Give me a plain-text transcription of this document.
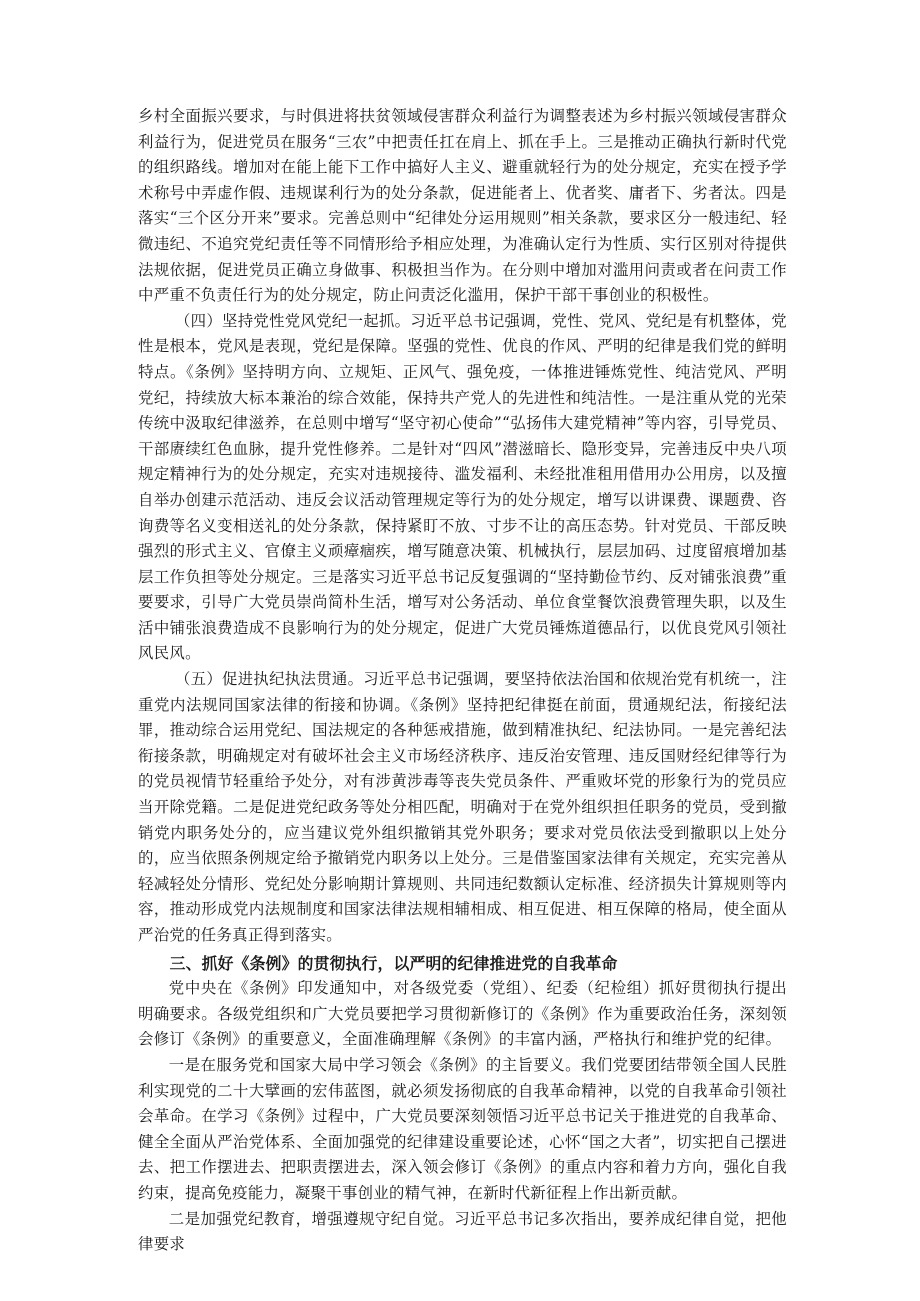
乡村全面振兴要求，与时俱进将扶贫领域侵害群众利益行为调整表述为乡村振兴领域侵害群众利益行为，促进党员在服务“三农”中把责任扛在肩上、抓在手上。三是推动正确执行新时代党的组织路线。增加对在能上能下工作中搞好人主义、避重就轻行为的处分规定，充实在授予学术称号中弄虚作假、违规谋利行为的处分条款，促进能者上、优者奖、庸者下、劣者汰。四是落实“三个区分开来”要求。完善总则中“纪律处分运用规则”相关条款，要求区分一般违纪、轻微违纪、不追究党纪责任等不同情形给予相应处理，为准确认定行为性质、实行区别对待提供法规依据，促进党员正确立身做事、积极担当作为。在分则中增加对滥用问责或者在问责工作中严重不负责任行为的处分规定，防止问责泛化滥用，保护干部干事创业的积极性。

（四）坚持党性党风党纪一起抓。习近平总书记强调，党性、党风、党纪是有机整体，党性是根本，党风是表现，党纪是保障。坚强的党性、优良的作风、严明的纪律是我们党的鲜明特点。《条例》坚持明方向、立规矩、正风气、强免疫，一体推进锤炼党性、纯洁党风、严明党纪，持续放大标本兼治的综合效能，保持共产党人的先进性和纯洁性。一是注重从党的光荣传统中汲取纪律滋养，在总则中增写“坚守初心使命”“弘扬伟大建党精神”等内容，引导党员、干部赓续红色血脉，提升党性修养。二是针对“四风”潜滋暗长、隐形变异，完善违反中央八项规定精神行为的处分规定，充实对违规接待、滥发福利、未经批准租用借用办公用房，以及擅自举办创建示范活动、违反会议活动管理规定等行为的处分规定，增写以讲课费、课题费、咨询费等名义变相送礼的处分条款，保持紧盯不放、寸步不让的高压态势。针对党员、干部反映强烈的形式主义、官僚主义顽瘴痼疾，增写随意决策、机械执行，层层加码、过度留痕增加基层工作负担等处分规定。三是落实习近平总书记反复强调的“坚持勤俭节约、反对铺张浪费”重要要求，引导广大党员崇尚简朴生活，增写对公务活动、单位食堂餐饮浪费管理失职，以及生活中铺张浪费造成不良影响行为的处分规定，促进广大党员锤炼道德品行，以优良党风引领社风民风。

（五）促进执纪执法贯通。习近平总书记强调，要坚持依法治国和依规治党有机统一，注重党内法规同国家法律的衔接和协调。《条例》坚持把纪律挺在前面，贯通规纪法，衔接纪法罪，推动综合运用党纪、国法规定的各种惩戒措施，做到精准执纪、纪法协同。一是完善纪法衔接条款，明确规定对有破坏社会主义市场经济秩序、违反治安管理、违反国财经纪律等行为的党员视情节轻重给予处分，对有涉黄涉毒等丧失党员条件、严重败坏党的形象行为的党员应当开除党籍。二是促进党纪政务等处分相匹配，明确对于在党外组织担任职务的党员，受到撤销党内职务处分的，应当建议党外组织撤销其党外职务；要求对党员依法受到撤职以上处分的，应当依照条例规定给予撤销党内职务以上处分。三是借鉴国家法律有关规定，充实完善从轻减轻处分情形、党纪处分影响期计算规则、共同违纪数额认定标准、经济损失计算规则等内容，推动形成党内法规制度和国家法律法规相辅相成、相互促进、相互保障的格局，使全面从严治党的任务真正得到落实。

三、抓好《条例》的贯彻执行，以严明的纪律推进党的自我革命

党中央在《条例》印发通知中，对各级党委（党组）、纪委（纪检组）抓好贯彻执行提出明确要求。各级党组织和广大党员要把学习贯彻新修订的《条例》作为重要政治任务，深刻领会修订《条例》的重要意义，全面准确理解《条例》的丰富内涵，严格执行和维护党的纪律。

一是在服务党和国家大局中学习领会《条例》的主旨要义。我们党要团结带领全国人民胜利实现党的二十大擘画的宏伟蓝图，就必须发扬彻底的自我革命精神，以党的自我革命引领社会革命。在学习《条例》过程中，广大党员要深刻领悟习近平总书记关于推进党的自我革命、健全全面从严治党体系、全面加强党的纪律建设重要论述，心怀“国之大者”，切实把自己摆进去、把工作摆进去、把职责摆进去，深入领会修订《条例》的重点内容和着力方向，强化自我约束，提高免疫能力，凝聚干事创业的精气神，在新时代新征程上作出新贡献。

二是加强党纪教育，增强遵规守纪自觉。习近平总书记多次指出，要养成纪律自觉，把他律要求
